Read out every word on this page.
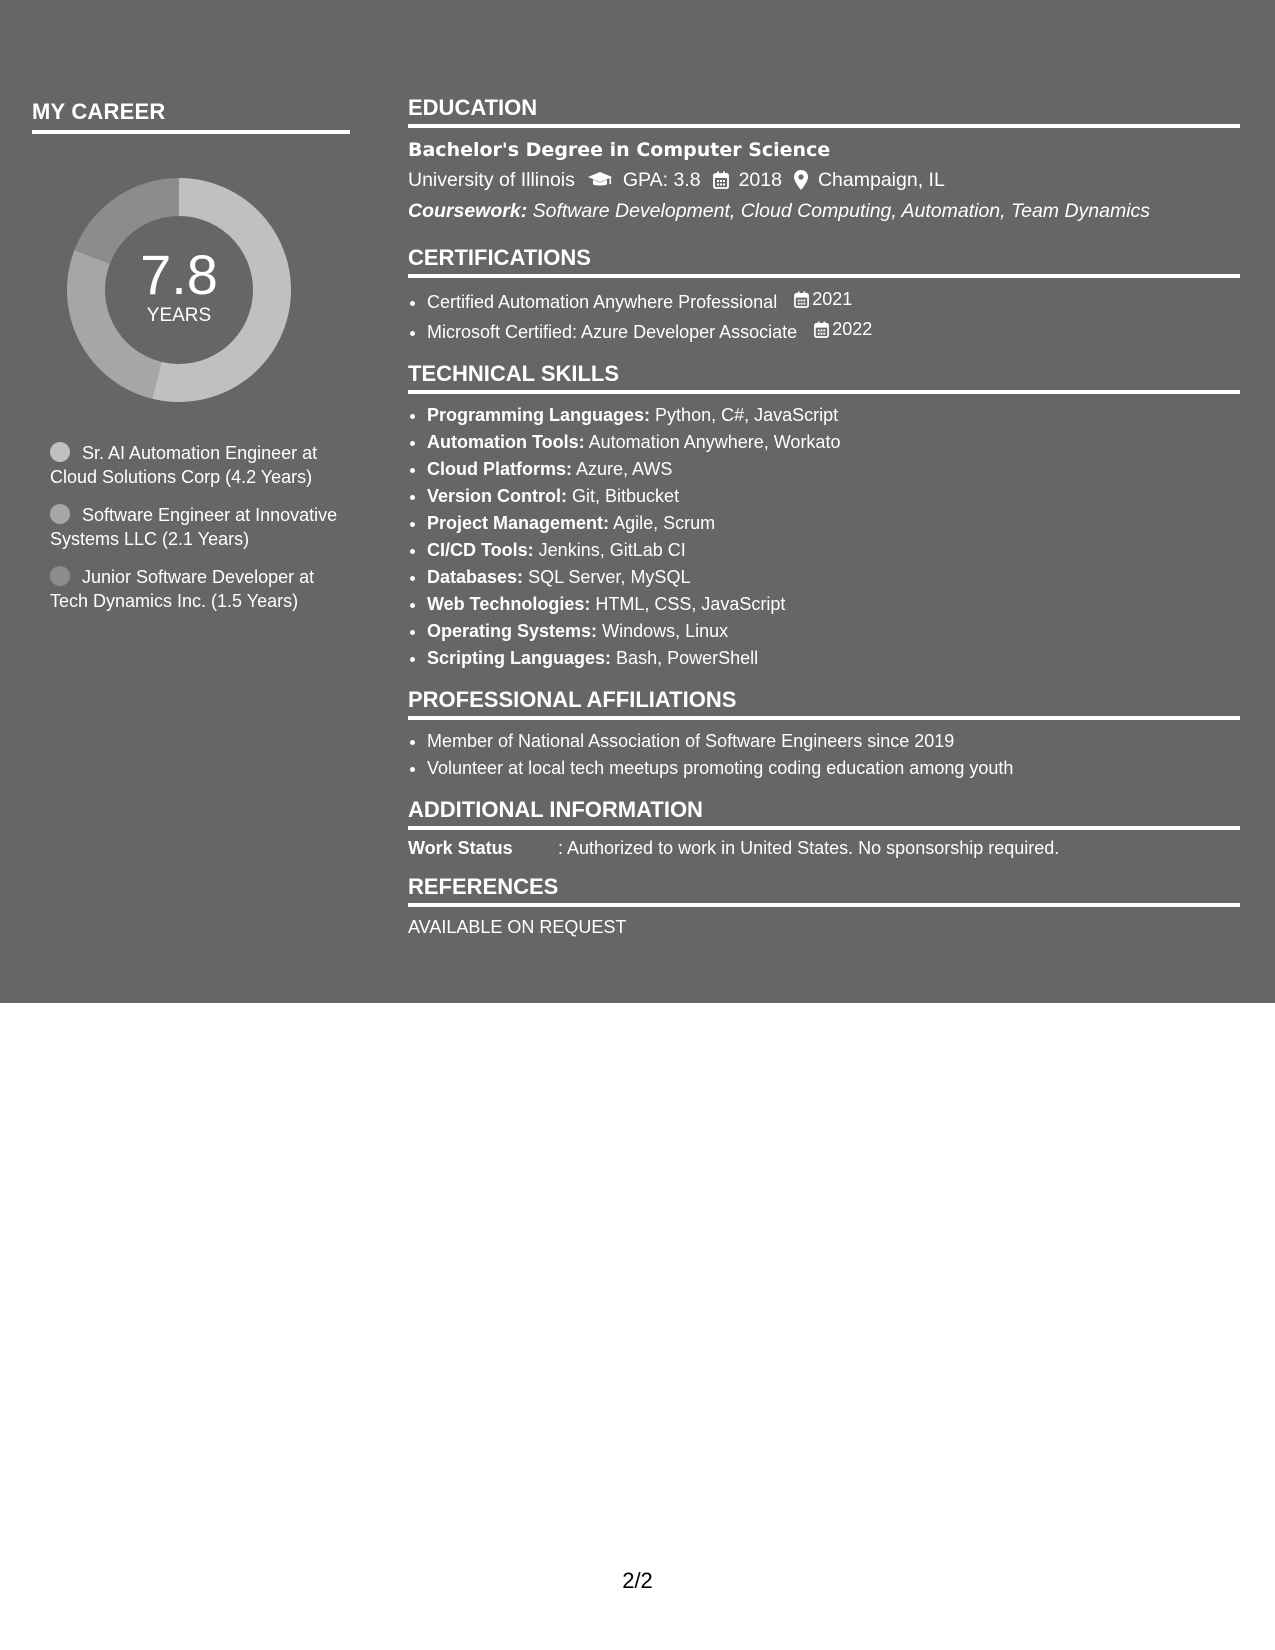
MY CAREER
7.8
YEARS
Sr. AI Automation Engineer at Cloud Solutions Corp (4.2 Years)
Software Engineer at Innovative Systems LLC (2.1 Years)
Junior Software Developer at Tech Dynamics Inc. (1.5 Years)
EDUCATION
Bachelor's Degree in Computer Science
University of Illinois GPA: 3.8 2018 Champaign, IL
Coursework: Software Development, Cloud Computing, Automation, Team Dynamics
CERTIFICATIONS
• Certified Automation Anywhere Professional 2021
• Microsoft Certified: Azure Developer Associate 2022
TECHNICAL SKILLS
• Programming Languages: Python, C#, JavaScript
• Automation Tools: Automation Anywhere, Workato
• Cloud Platforms: Azure, AWS
• Version Control: Git, Bitbucket
• Project Management: Agile, Scrum
• CI/CD Tools: Jenkins, GitLab CI
• Databases: SQL Server, MySQL
• Web Technologies: HTML, CSS, JavaScript
• Operating Systems: Windows, Linux
• Scripting Languages: Bash, PowerShell
PROFESSIONAL AFFILIATIONS
• Member of National Association of Software Engineers since 2019
• Volunteer at local tech meetups promoting coding education among youth
ADDITIONAL INFORMATION
Work Status	: Authorized to work in United States. No sponsorship required.
REFERENCES
AVAILABLE ON REQUEST
2/2
